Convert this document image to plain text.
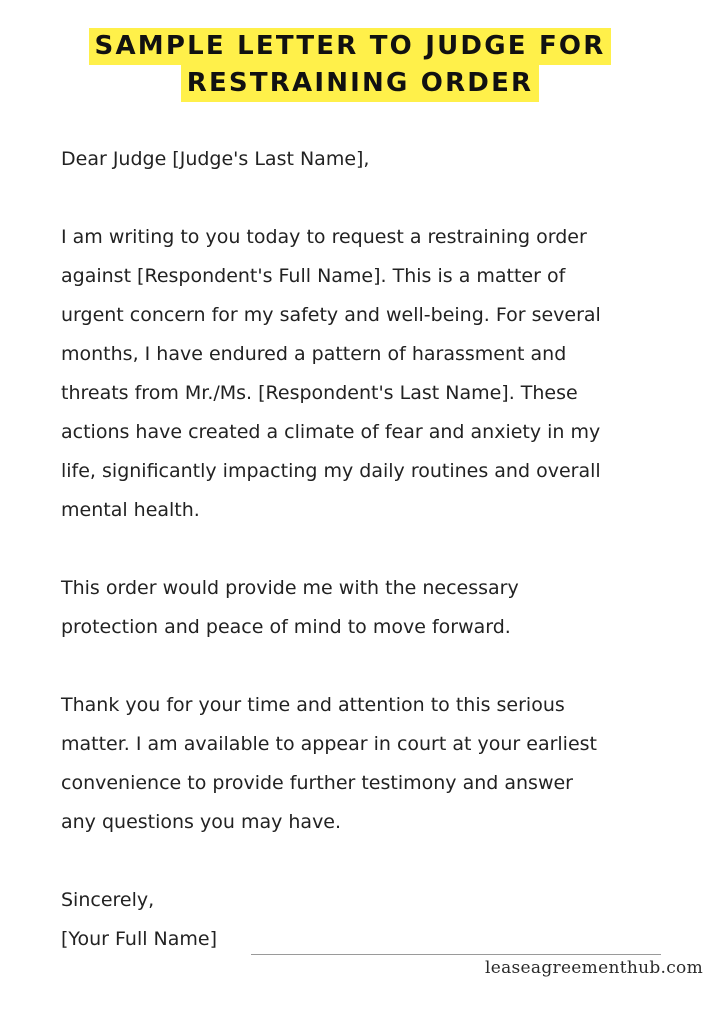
SAMPLE LETTER TO JUDGE FOR
RESTRAINING ORDER
Dear Judge [Judge's Last Name],
I am writing to you today to request a restraining order
against [Respondent's Full Name]. This is a matter of
urgent concern for my safety and well-being. For several
months, I have endured a pattern of harassment and
threats from Mr./Ms. [Respondent's Last Name]. These
actions have created a climate of fear and anxiety in my
life, significantly impacting my daily routines and overall
mental health.
This order would provide me with the necessary
protection and peace of mind to move forward.
Thank you for your time and attention to this serious
matter. I am available to appear in court at your earliest
convenience to provide further testimony and answer
any questions you may have.
Sincerely,
[Your Full Name]
leaseagreementhub.com
